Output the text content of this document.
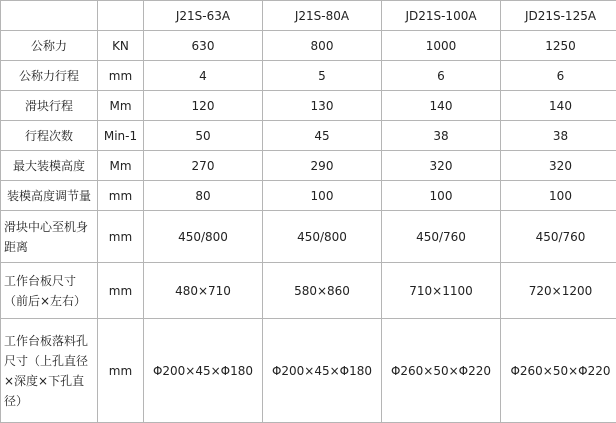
		J21S-63A	J21S-80A	JD21S-100A	JD21S-125A
公称力	KN	630	800	1000	1250
公称力行程	mm	4	5	6	6
滑块行程	Mm	120	130	140	140
行程次数	Min-1	50	45	38	38
最大装模高度	Mm	270	290	320	320
装模高度调节量	mm	80	100	100	100
滑块中心至机身距离	mm	450/800	450/800	450/760	450/760
工作台板尺寸（前后×左右）	mm	480×710	580×860	710×1100	720×1200
工作台板落料孔尺寸（上孔直径×深度×下孔直径）	mm	Φ200×45×Φ180	Φ200×45×Φ180	Φ260×50×Φ220	Φ260×50×Φ220
